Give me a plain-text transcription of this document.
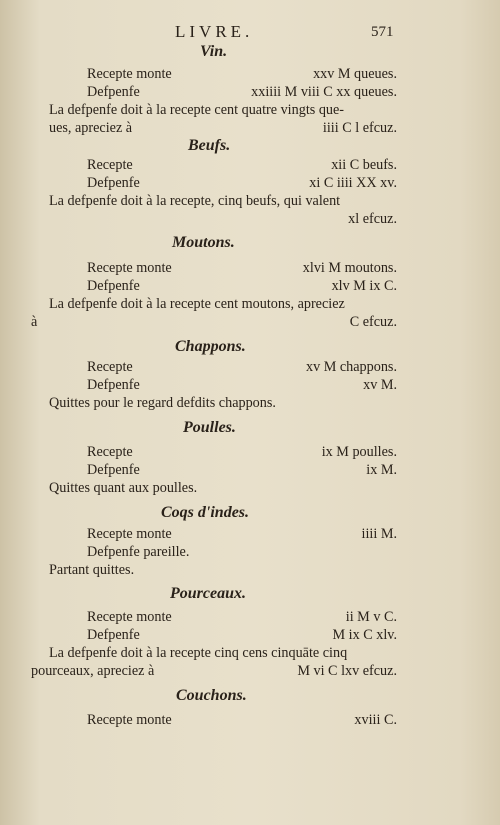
LIVRE.	571
Vin.
Recepte monte	xxv M queues.
Defpenfe	xxiiii M viii C xx queues.
La defpenfe doit à la recepte cent quatre vingts que-
ues, apreciez à	iiii C l efcuz.
Beufs.
Recepte	xii C beufs.
Defpenfe	xi C iiii XX xv.
La defpenfe doit à la recepte, cinq beufs, qui valent
xl efcuz.
Moutons.
Recepte monte	xlvi M moutons.
Defpenfe	xlv M ix C.
La defpenfe doit à la recepte cent moutons, apreciez
à	C efcuz.
Chappons.
Recepte	xv M chappons.
Defpenfe	xv M.
Quittes pour le regard defdits chappons.
Poulles.
Recepte	ix M poulles.
Defpenfe	ix M.
Quittes quant aux poulles.
Coqs d'indes.
Recepte monte	iiii M.
Defpenfe pareille.
Partant quittes.
Pourceaux.
Recepte monte	ii M v C.
Defpenfe	M ix C xlv.
La defpenfe doit à la recepte cinq cens cinquāte cinq
pourceaux, apreciez à	M vi C lxv efcuz.
Couchons.
Recepte monte	xviii C.
